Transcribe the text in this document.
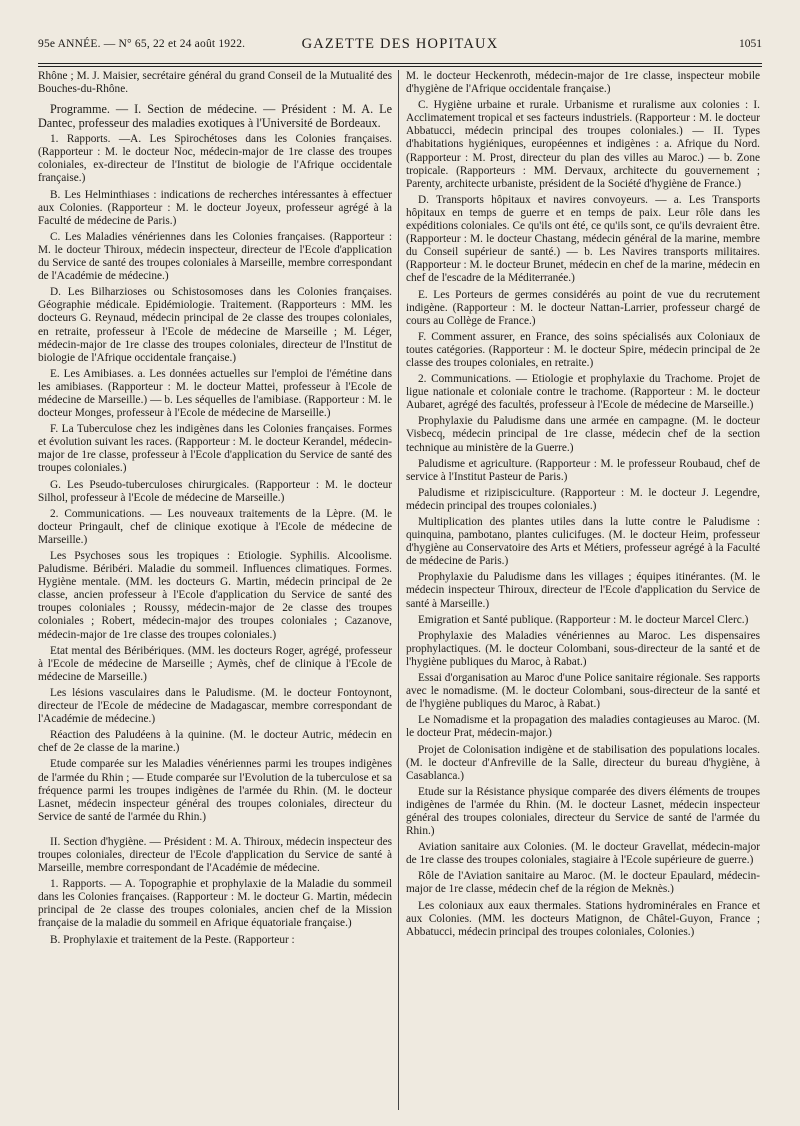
95e ANNÉE. — N° 65, 22 et 24 août 1922.	GAZETTE DES HOPITAUX	1051

Rhône ; M. J. Maisier, secrétaire général du grand Conseil de la Mutualité des Bouches-du-Rhône.

Programme. — I. Section de médecine. — Président : M. A. Le Dantec, professeur des maladies exotiques à l'Université de Bordeaux.

1. Rapports. —A. Les Spirochétoses dans les Colonies françaises. (Rapporteur : M. le docteur Noc, médecin-major de 1re classe des troupes coloniales, ex-directeur de l'Institut de biologie de l'Afrique occidentale française.)

B. Les Helminthiases : indications de recherches intéressantes à effectuer aux Colonies. (Rapporteur : M. le docteur Joyeux, professeur agrégé à la Faculté de médecine de Paris.)

C. Les Maladies vénériennes dans les Colonies françaises. (Rapporteur : M. le docteur Thiroux, médecin inspecteur, directeur de l'Ecole d'application du Service de santé des troupes coloniales à Marseille, membre correspondant de l'Académie de médecine.)

D. Les Bilharzioses ou Schistosomoses dans les Colonies françaises. Géographie médicale. Epidémiologie. Traitement. (Rapporteurs : MM. les docteurs G. Reynaud, médecin principal de 2e classe des troupes coloniales, en retraite, professeur à l'Ecole de médecine de Marseille ; M. Léger, médecin-major de 1re classe des troupes coloniales, directeur de l'Institut de biologie de l'Afrique occidentale française.)

E. Les Amibiases. a. Les données actuelles sur l'emploi de l'émétine dans les amibiases. (Rapporteur : M. le docteur Mattei, professeur à l'Ecole de médecine de Marseille.) — b. Les séquelles de l'amibiase. (Rapporteur : M. le docteur Monges, professeur à l'Ecole de médecine de Marseille.)

F. La Tuberculose chez les indigènes dans les Colonies françaises. Formes et évolution suivant les races. (Rapporteur : M. le docteur Kerandel, médecin-major de 1re classe, professeur à l'Ecole d'application du Service de santé des troupes coloniales.)

G. Les Pseudo-tuberculoses chirurgicales. (Rapporteur : M. le docteur Silhol, professeur à l'Ecole de médecine de Marseille.)

2. Communications. — Les nouveaux traitements de la Lèpre. (M. le docteur Pringault, chef de clinique exotique à l'Ecole de médecine de Marseille.)

Les Psychoses sous les tropiques : Etiologie. Syphilis. Alcoolisme. Paludisme. Béribéri. Maladie du sommeil. Influences climatiques. Formes. Hygiène mentale. (MM. les docteurs G. Martin, médecin principal de 2e classe, ancien professeur à l'Ecole d'application du Service de santé des troupes coloniales ; Roussy, médecin-major de 2e classe des troupes coloniales ; Robert, médecin-major des troupes coloniales ; Cazanove, médecin-major de 1re classe des troupes coloniales.)

Etat mental des Béribériques. (MM. les docteurs Roger, agrégé, professeur à l'Ecole de médecine de Marseille ; Aymès, chef de clinique à l'Ecole de médecine de Marseille.)

Les lésions vasculaires dans le Paludisme. (M. le docteur Fontoynont, directeur de l'Ecole de médecine de Madagascar, membre correspondant de l'Académie de médecine.)

Réaction des Paludéens à la quinine. (M. le docteur Autric, médecin en chef de 2e classe de la marine.)

Etude comparée sur les Maladies vénériennes parmi les troupes indigènes de l'armée du Rhin ; — Etude comparée sur l'Evolution de la tuberculose et sa fréquence parmi les troupes indigènes de l'armée du Rhin. (M. le docteur Lasnet, médecin inspecteur général des troupes coloniales, directeur du Service de santé de l'armée du Rhin.)

II. Section d'hygiène. — Président : M. A. Thiroux, médecin inspecteur des troupes coloniales, directeur de l'Ecole d'application du Service de santé à Marseille, membre correspondant de l'Académie de médecine.

1. Rapports. — A. Topographie et prophylaxie de la Maladie du sommeil dans les Colonies françaises. (Rapporteur : M. le docteur G. Martin, médecin principal de 2e classe des troupes coloniales, ancien chef de la Mission française de la maladie du sommeil en Afrique équatoriale française.)

B. Prophylaxie et traitement de la Peste. (Rapporteur :

M. le docteur Heckenroth, médecin-major de 1re classe, inspecteur mobile d'hygiène de l'Afrique occidentale française.)

C. Hygiène urbaine et rurale. Urbanisme et ruralisme aux colonies : I. Acclimatement tropical et ses facteurs industriels. (Rapporteur : M. le docteur Abbatucci, médecin principal des troupes coloniales.) — II. Types d'habitations hygiéniques, européennes et indigènes : a. Afrique du Nord. (Rapporteur : M. Prost, directeur du plan des villes au Maroc.) — b. Zone tropicale. (Rapporteurs : MM. Dervaux, architecte du gouvernement ; Parenty, architecte urbaniste, président de la Société d'hygiène de France.)

D. Transports hôpitaux et navires convoyeurs. — a. Les Transports hôpitaux en temps de guerre et en temps de paix. Leur rôle dans les expéditions coloniales. Ce qu'ils ont été, ce qu'ils sont, ce qu'ils devraient être. (Rapporteur : M. le docteur Chastang, médecin général de la marine, membre du Conseil supérieur de santé.) — b. Les Navires transports militaires. (Rapporteur : M. le docteur Brunet, médecin en chef de la marine, médecin en chef de l'escadre de la Méditerranée.)

E. Les Porteurs de germes considérés au point de vue du recrutement indigène. (Rapporteur : M. le docteur Nattan-Larrier, professeur chargé de cours au Collège de France.)

F. Comment assurer, en France, des soins spécialisés aux Coloniaux de toutes catégories. (Rapporteur : M. le docteur Spire, médecin principal de 2e classe des troupes coloniales, en retraite.)

2. Communications. — Etiologie et prophylaxie du Trachome. Projet de ligue nationale et coloniale contre le trachome. (Rapporteur : M. le docteur Aubaret, agrégé des facultés, professeur à l'Ecole de médecine de Marseille.)

Prophylaxie du Paludisme dans une armée en campagne. (M. le docteur Visbecq, médecin principal de 1re classe, médecin chef de la section technique au ministère de la Guerre.)

Paludisme et agriculture. (Rapporteur : M. le professeur Roubaud, chef de service à l'Institut Pasteur de Paris.)

Paludisme et rizipisciculture. (Rapporteur : M. le docteur J. Legendre, médecin principal des troupes coloniales.)

Multiplication des plantes utiles dans la lutte contre le Paludisme : quinquina, pambotano, plantes culicifuges. (M. le docteur Heim, professeur d'hygiène au Conservatoire des Arts et Métiers, professeur agrégé à la Faculté de médecine de Paris.)

Prophylaxie du Paludisme dans les villages ; équipes itinérantes. (M. le médecin inspecteur Thiroux, directeur de l'Ecole d'application du Service de santé à Marseille.)

Emigration et Santé publique. (Rapporteur : M. le docteur Marcel Clerc.)

Prophylaxie des Maladies vénériennes au Maroc. Les dispensaires prophylactiques. (M. le docteur Colombani, sous-directeur de la santé et de l'hygiène publiques du Maroc, à Rabat.)

Essai d'organisation au Maroc d'une Police sanitaire régionale. Ses rapports avec le nomadisme. (M. le docteur Colombani, sous-directeur de la santé et de l'hygiène publiques du Maroc, à Rabat.)

Le Nomadisme et la propagation des maladies contagieuses au Maroc. (M. le docteur Prat, médecin-major.)

Projet de Colonisation indigène et de stabilisation des populations locales. (M. le docteur d'Anfreville de la Salle, directeur du bureau d'hygiène, à Casablanca.)

Etude sur la Résistance physique comparée des divers éléments de troupes indigènes de l'armée du Rhin. (M. le docteur Lasnet, médecin inspecteur général des troupes coloniales, directeur du Service de santé de l'armée du Rhin.)

Aviation sanitaire aux Colonies. (M. le docteur Gravellat, médecin-major de 1re classe des troupes coloniales, stagiaire à l'Ecole supérieure de guerre.)

Rôle de l'Aviation sanitaire au Maroc. (M. le docteur Epaulard, médecin-major de 1re classe, médecin chef de la région de Meknès.)

Les coloniaux aux eaux thermales. Stations hydrominérales en France et aux Colonies. (MM. les docteurs Matignon, de Châtel-Guyon, France ; Abbatucci, médecin principal des troupes coloniales, Colonies.)
